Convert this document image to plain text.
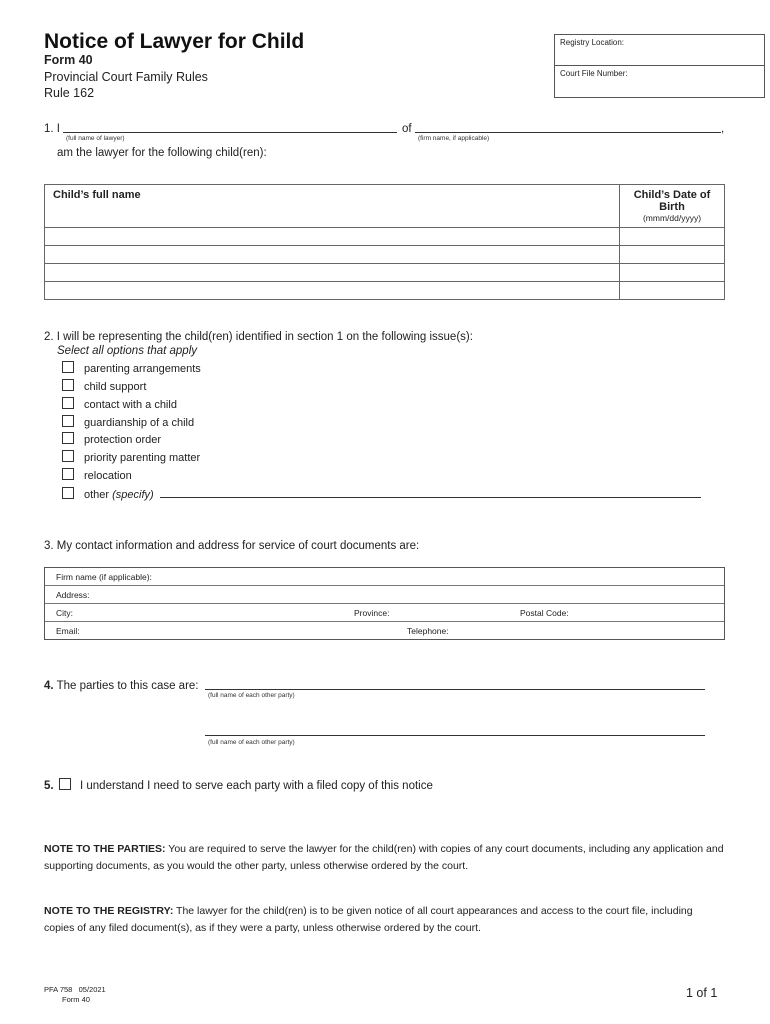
Notice of Lawyer for Child
Form 40
Provincial Court Family Rules
Rule 162
Registry Location:
Court File Number:
1. I
(full name of lawyer)
of	,
(firm name, if applicable)
am the lawyer for the following child(ren):
Child’s full name	Child’s Date of Birth
(mmm/dd/yyyy)

2. I will be representing the child(ren) identified in section 1 on the following issue(s):
Select all options that apply
parenting arrangements
child support
contact with a child
guardianship of a child
protection order
priority parenting matter
relocation
other (specify)
3. My contact information and address for service of court documents are:
Firm name (if applicable):
Address:
City:	Province:	Postal Code:
Email:	Telephone:
4. The parties to this case are:
(full name of each other party)
(full name of each other party)
5. I understand I need to serve each party with a filed copy of this notice
NOTE TO THE PARTIES: You are required to serve the lawyer for the child(ren) with copies of any court documents, including any application and supporting documents, as you would the other party, unless otherwise ordered by the court.
NOTE TO THE REGISTRY: The lawyer for the child(ren) is to be given notice of all court appearances and access to the court file, including copies of any filed document(s), as if they were a party, unless otherwise ordered by the court.
PFA 758   05/2021
Form 40	1 of 1
